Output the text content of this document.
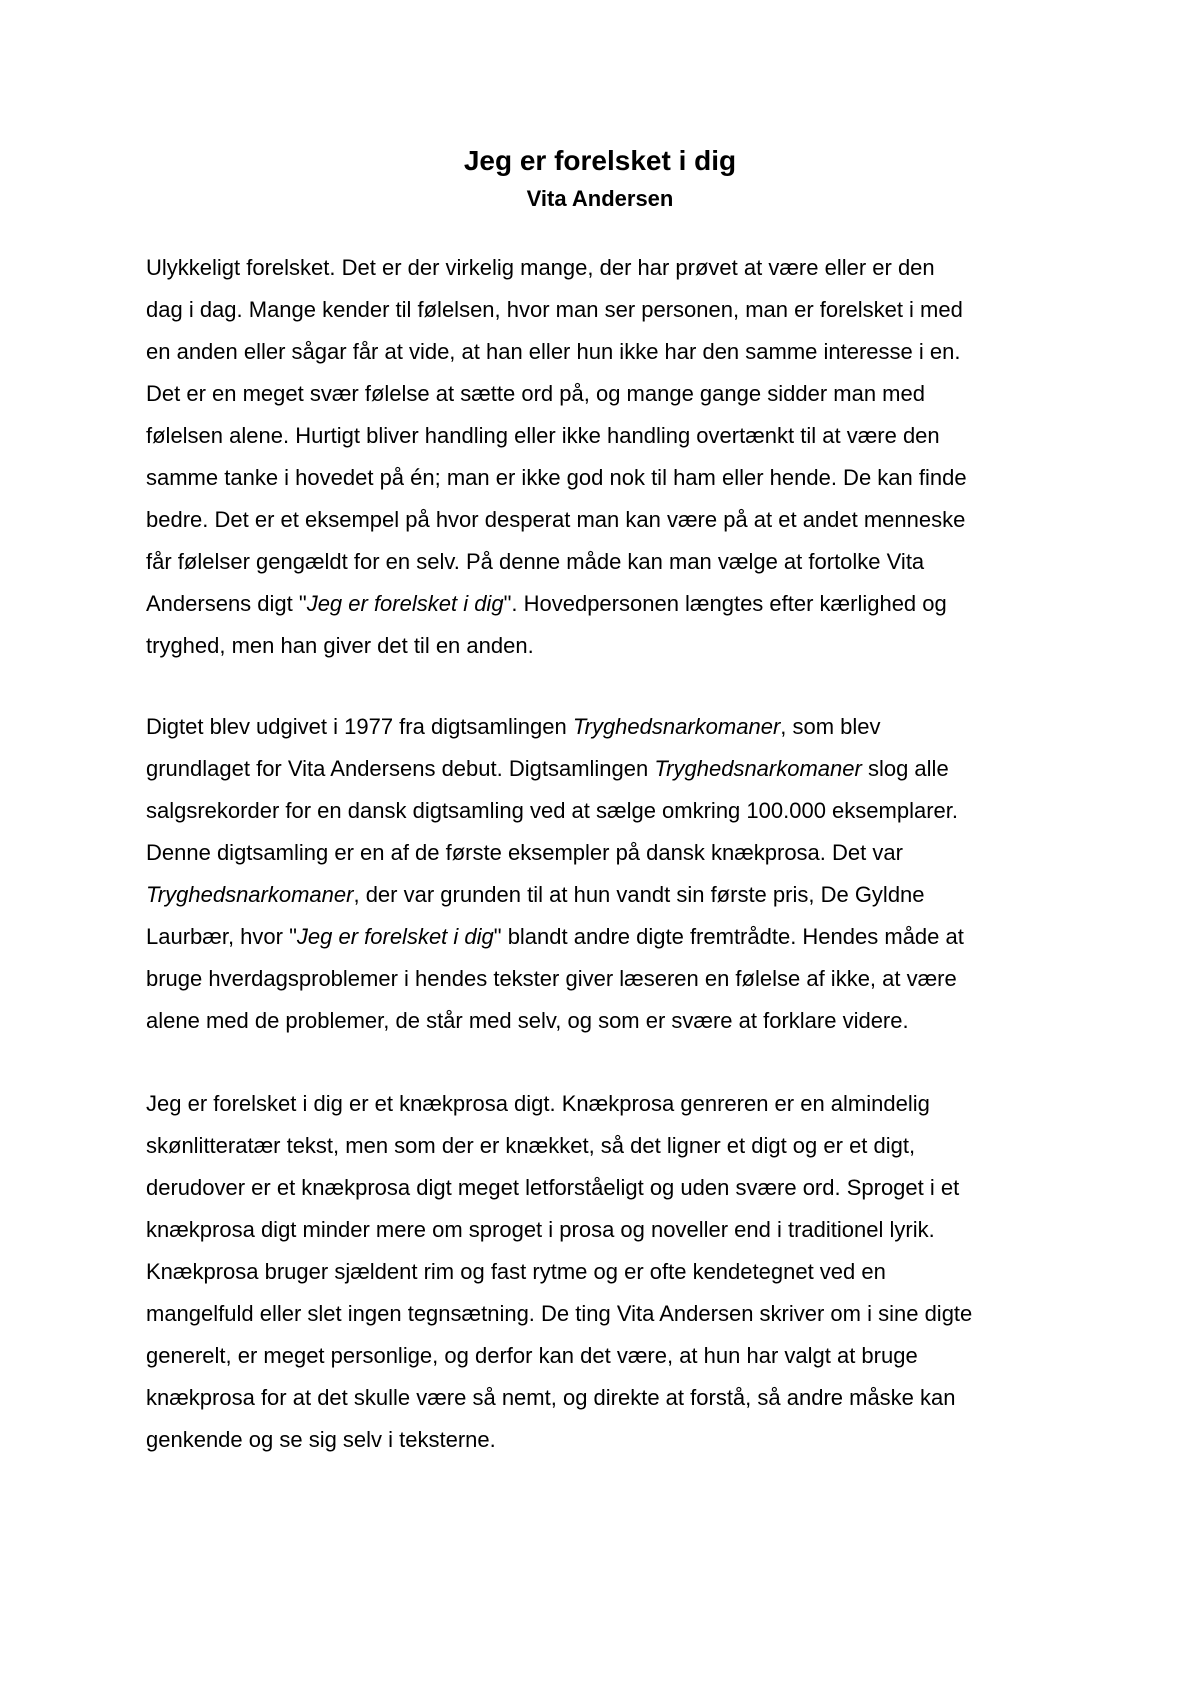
Jeg er forelsket i dig
Vita Andersen
Ulykkeligt forelsket. Det er der virkelig mange, der har prøvet at være eller er den
dag i dag. Mange kender til følelsen, hvor man ser personen, man er forelsket i med
en anden eller sågar får at vide, at han eller hun ikke har den samme interesse i en.
Det er en meget svær følelse at sætte ord på, og mange gange sidder man med
følelsen alene. Hurtigt bliver handling eller ikke handling overtænkt til at være den
samme tanke i hovedet på én; man er ikke god nok til ham eller hende. De kan finde
bedre. Det er et eksempel på hvor desperat man kan være på at et andet menneske
får følelser gengældt for en selv. På denne måde kan man vælge at fortolke Vita
Andersens digt "Jeg er forelsket i dig". Hovedpersonen længtes efter kærlighed og
tryghed, men han giver det til en anden.
Digtet blev udgivet i 1977 fra digtsamlingen Tryghedsnarkomaner, som blev
grundlaget for Vita Andersens debut. Digtsamlingen Tryghedsnarkomaner slog alle
salgsrekorder for en dansk digtsamling ved at sælge omkring 100.000 eksemplarer.
Denne digtsamling er en af de første eksempler på dansk knækprosa. Det var
Tryghedsnarkomaner, der var grunden til at hun vandt sin første pris, De Gyldne
Laurbær, hvor "Jeg er forelsket i dig" blandt andre digte fremtrådte. Hendes måde at
bruge hverdagsproblemer i hendes tekster giver læseren en følelse af ikke, at være
alene med de problemer, de står med selv, og som er svære at forklare videre.
Jeg er forelsket i dig er et knækprosa digt. Knækprosa genreren er en almindelig
skønlitteratær tekst, men som der er knækket, så det ligner et digt og er et digt,
derudover er et knækprosa digt meget letforståeligt og uden svære ord. Sproget i et
knækprosa digt minder mere om sproget i prosa og noveller end i traditionel lyrik.
Knækprosa bruger sjældent rim og fast rytme og er ofte kendetegnet ved en
mangelfuld eller slet ingen tegnsætning. De ting Vita Andersen skriver om i sine digte
generelt, er meget personlige, og derfor kan det være, at hun har valgt at bruge
knækprosa for at det skulle være så nemt, og direkte at forstå, så andre måske kan
genkende og se sig selv i teksterne.
